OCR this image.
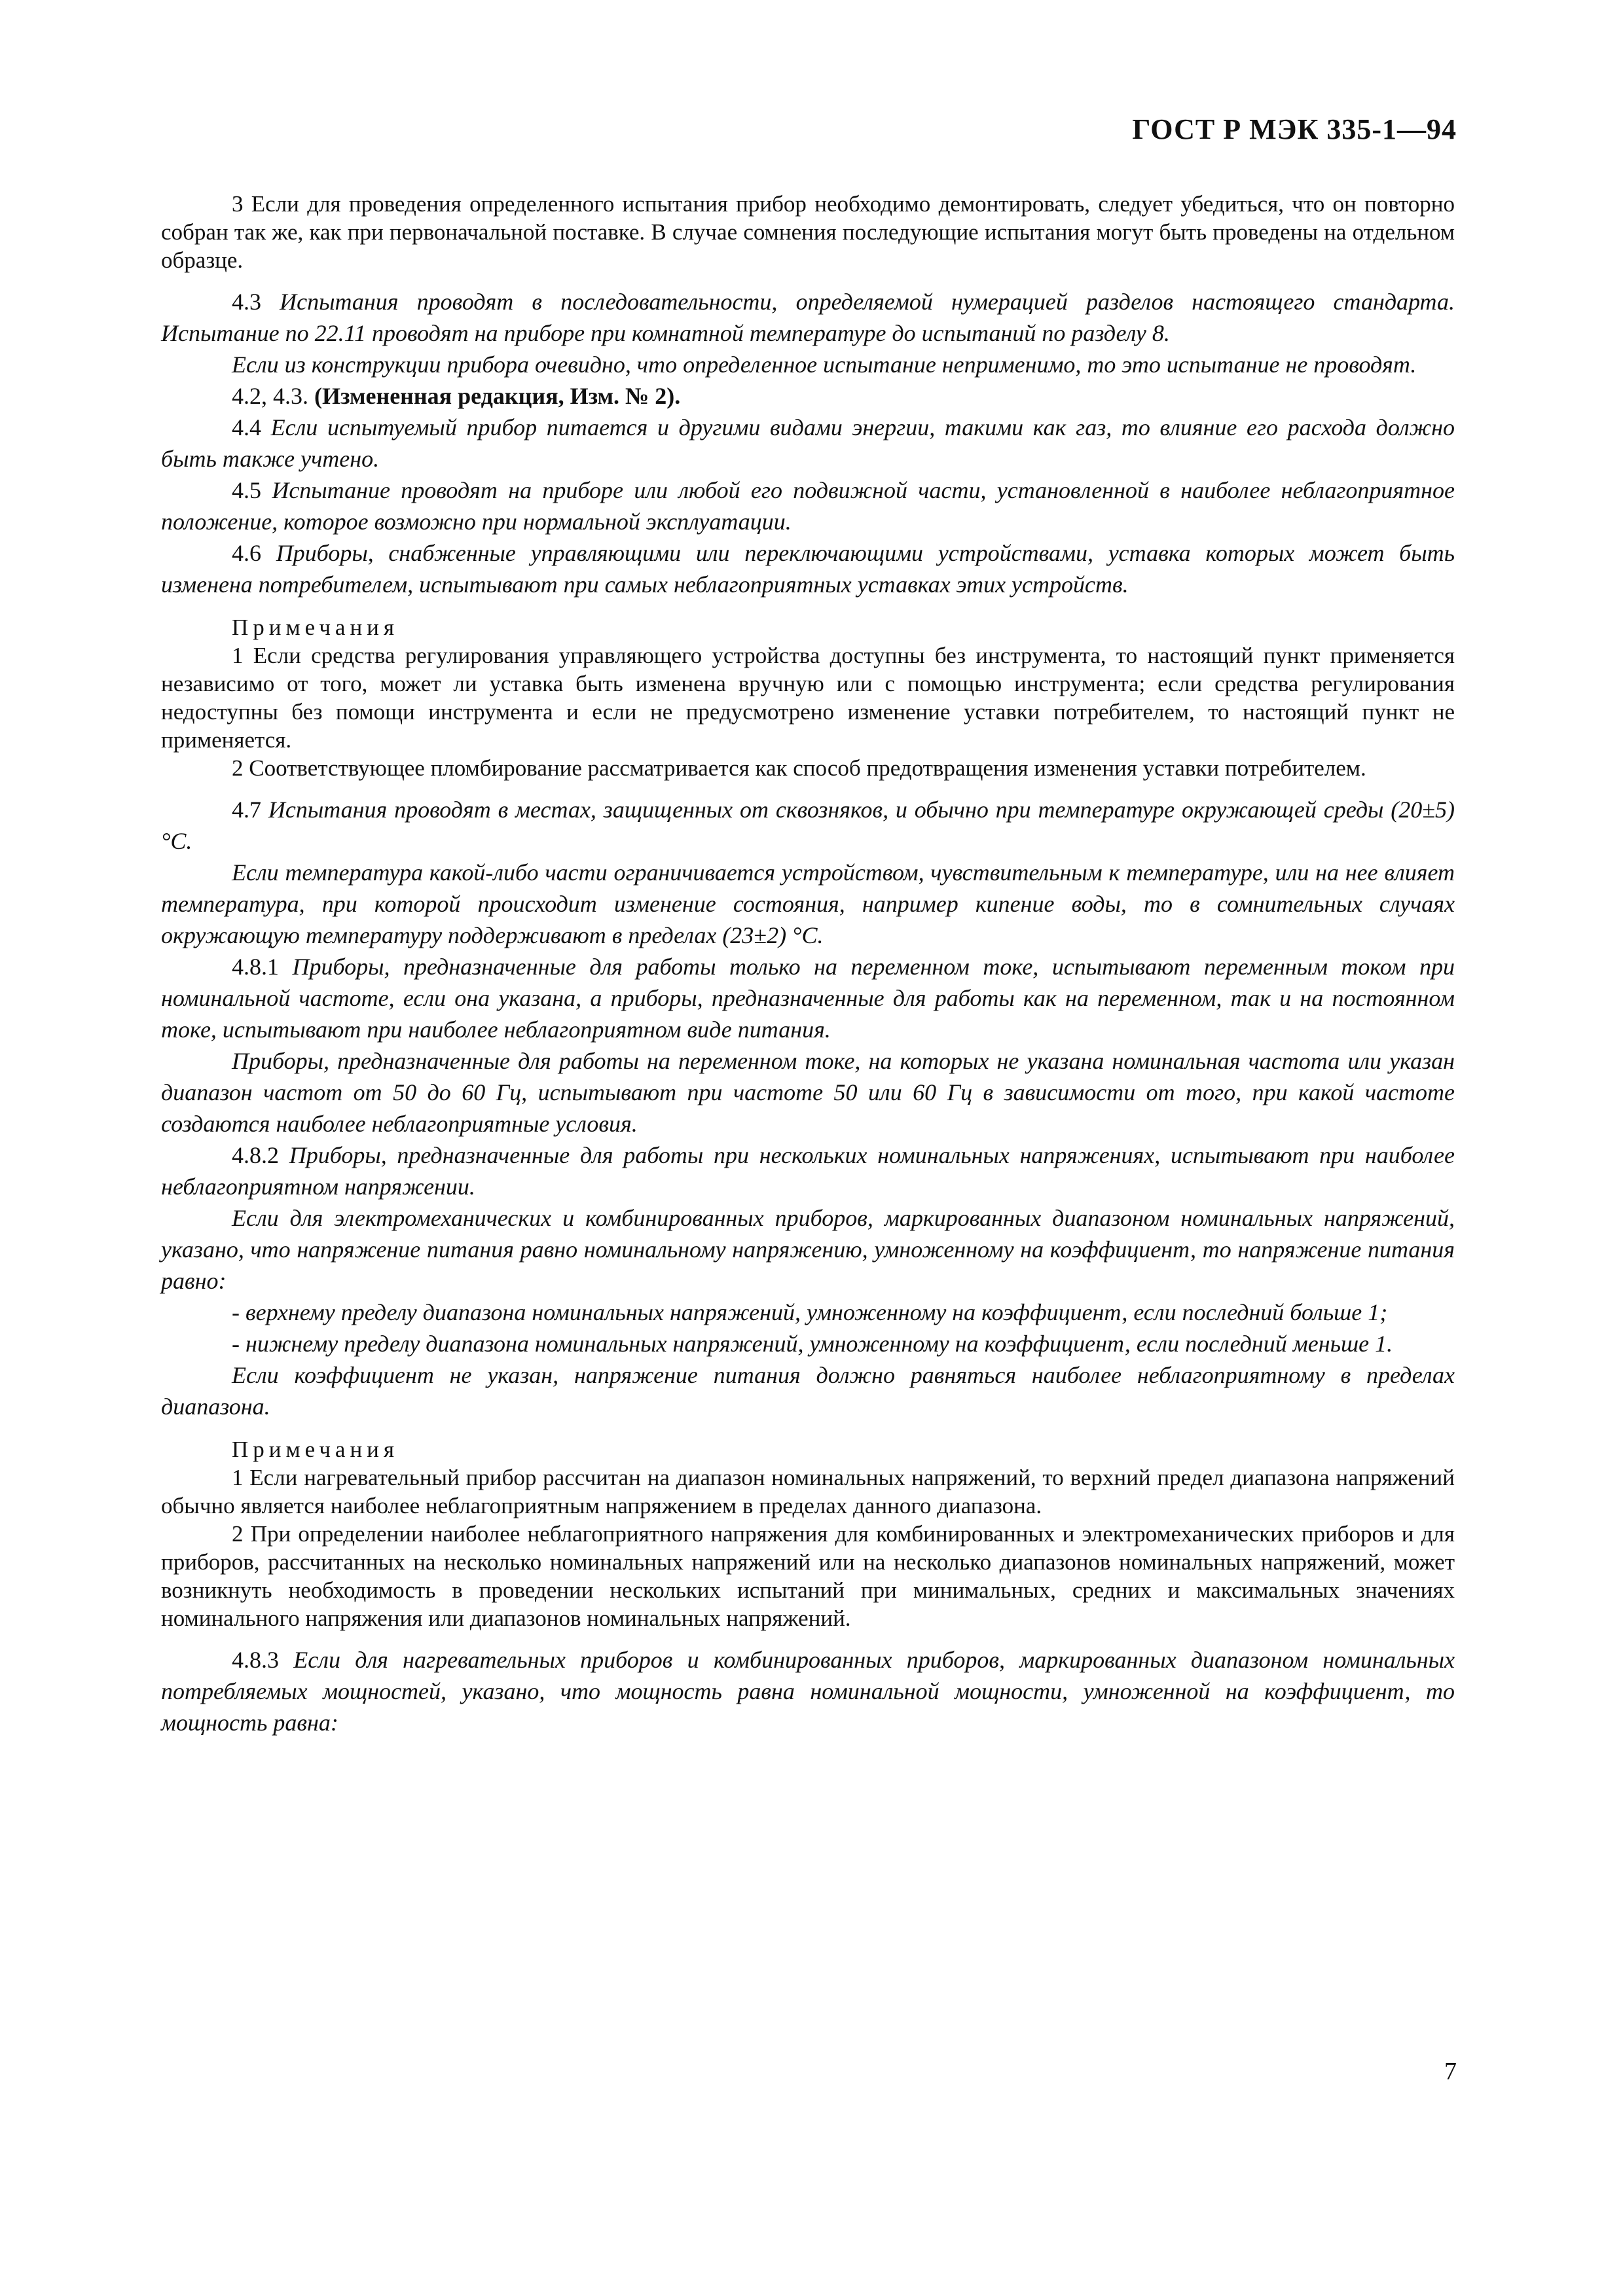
ГОСТ Р МЭК 335-1—94

3 Если для проведения определенного испытания прибор необходимо демонтировать, следует убедиться, что он повторно собран так же, как при первоначальной поставке. В случае сомнения последующие испытания могут быть проведены на отдельном образце.

4.3 Испытания проводят в последовательности, определяемой нумерацией разделов настоящего стандарта. Испытание по 22.11 проводят на приборе при комнатной температуре до испытаний по разделу 8.

Если из конструкции прибора очевидно, что определенное испытание неприменимо, то это испытание не проводят.

4.2, 4.3. (Измененная редакция, Изм. № 2).

4.4 Если испытуемый прибор питается и другими видами энергии, такими как газ, то влияние его расхода должно быть также учтено.

4.5 Испытание проводят на приборе или любой его подвижной части, установленной в наиболее неблагоприятное положение, которое возможно при нормальной эксплуатации.

4.6 Приборы, снабженные управляющими или переключающими устройствами, уставка которых может быть изменена потребителем, испытывают при самых неблагоприятных уставках этих устройств.

Примечания

1 Если средства регулирования управляющего устройства доступны без инструмента, то настоящий пункт применяется независимо от того, может ли уставка быть изменена вручную или с помощью инструмента; если средства регулирования недоступны без помощи инструмента и если не предусмотрено изменение уставки потребителем, то настоящий пункт не применяется.

2 Соответствующее пломбирование рассматривается как способ предотвращения изменения уставки потребителем.

4.7 Испытания проводят в местах, защищенных от сквозняков, и обычно при температуре окружающей среды (20±5) °C.

Если температура какой-либо части ограничивается устройством, чувствительным к температуре, или на нее влияет температура, при которой происходит изменение состояния, например кипение воды, то в сомнительных случаях окружающую температуру поддерживают в пределах (23±2) °C.

4.8.1 Приборы, предназначенные для работы только на переменном токе, испытывают переменным током при номинальной частоте, если она указана, а приборы, предназначенные для работы как на переменном, так и на постоянном токе, испытывают при наиболее неблагоприятном виде питания.

Приборы, предназначенные для работы на переменном токе, на которых не указана номинальная частота или указан диапазон частот от 50 до 60 Гц, испытывают при частоте 50 или 60 Гц в зависимости от того, при какой частоте создаются наиболее неблагоприятные условия.

4.8.2 Приборы, предназначенные для работы при нескольких номинальных напряжениях, испытывают при наиболее неблагоприятном напряжении.

Если для электромеханических и комбинированных приборов, маркированных диапазоном номинальных напряжений, указано, что напряжение питания равно номинальному напряжению, умноженному на коэффициент, то напряжение питания равно:

- верхнему пределу диапазона номинальных напряжений, умноженному на коэффициент, если последний больше 1;

- нижнему пределу диапазона номинальных напряжений, умноженному на коэффициент, если последний меньше 1.

Если коэффициент не указан, напряжение питания должно равняться наиболее неблагоприятному в пределах диапазона.

Примечания

1 Если нагревательный прибор рассчитан на диапазон номинальных напряжений, то верхний предел диапазона напряжений обычно является наиболее неблагоприятным напряжением в пределах данного диапазона.

2 При определении наиболее неблагоприятного напряжения для комбинированных и электромеханических приборов и для приборов, рассчитанных на несколько номинальных напряжений или на несколько диапазонов номинальных напряжений, может возникнуть необходимость в проведении нескольких испытаний при минимальных, средних и максимальных значениях номинального напряжения или диапазонов номинальных напряжений.

4.8.3 Если для нагревательных приборов и комбинированных приборов, маркированных диапазоном номинальных потребляемых мощностей, указано, что мощность равна номинальной мощности, умноженной на коэффициент, то мощность равна:

7
